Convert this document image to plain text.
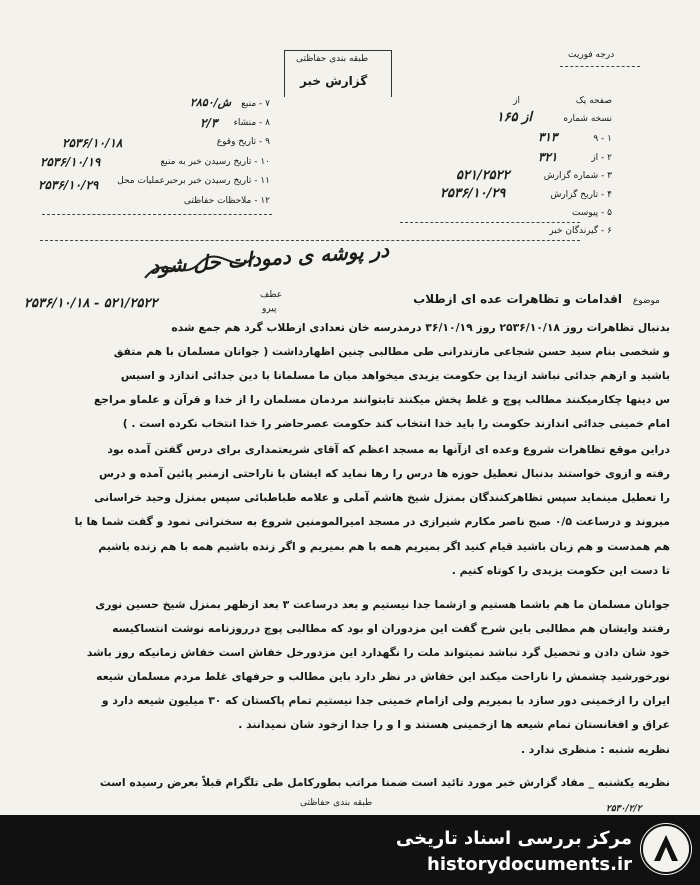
طبقه بندی حفاظتی
گزارش خبر
درجه فوریت
۷ - منبع
۲۸۵۰/ش
۸ - منشاء
۲/۳
۹ - تاریخ وقوع
۲۵۳۶/۱۰/۱۸
۱۰ - تاریخ رسیدن خبر به منبع
۲۵۳۶/۱۰/۱۹
۱۱ - تاریخ رسیدن خبر برحبرعملیات محل
۲۵۳۶/۱۰/۲۹
۱۲ - ملاحظات حفاظتی
صفحه یک
از
نسخه شماره
از ۱۶۵
۱ - ۹
۳۱۳
۲ - از
۳۲۱
۳ - شماره گزارش
۵۲۱/۲۵۲۲
۴ - تاریخ گزارش
۲۵۳۶/۱۰/۲۹
۵ - پیوست
۶ - گیرندگان خبر
در پوشه ی دمودات حل شود
موضوع
اقدامات و تظاهرات عده ای ازطلاب
عطف
پیرو
۲۵۳۶/۱۰/۱۸ - ۵۲۱/۲۵۲۲
بدنبال تظاهرات روز ۲۵۳۶/۱۰/۱۸ روز ۳۶/۱۰/۱۹ درمدرسه خان تعدادی ازطلاب گرد هم جمع شده
و شخصی بنام سید حسن شجاعی مازندرانی طی مطالبی چنین اظهارداشت ( جوانان مسلمان با هم متفق
باشید و ازهم جدائی نباشد ازیدا ین حکومت یزیدی میخواهد میان ما مسلمانا با دین جدائی اندازد و اسیس
س دینها چکارمیکنند مطالب پوچ و غلط پخش میکنند تابتوانند مردمان مسلمان را از خدا و قرآن و علماو مراجع
امام خمینی جدائی اندازند حکومت را باید خدا انتخاب کند حکومت عصرحاضر را خدا انتخاب نکرده است . )
دراین موقع تظاهرات شروع وعده ای ازآنها به مسجد اعظم که آقای شریعتمداری برای درس گفتن آمده بود
رفته و ازوی خواستند بدنبال تعطیل حوزه ها درس را رها نماید که ایشان با ناراحتی ازمنبر پائین آمده و درس
را تعطیل مینماید سپس تظاهرکنندگان بمنزل شیخ هاشم آملی و علامه طباطبائی سپس بمنزل وحید خراسانی
میروند و درساعت ۰/۵ صبح ناصر مکارم شیرازی در مسجد امیرالمومنین شروع به سخنرانی نمود و گفت شما ها با
هم همدست و هم زبان باشید قیام کنید اگر بمیریم همه با هم بمیریم و اگر زنده باشیم همه با هم زنده باشیم
تا دست این حکومت یزیدی را کوتاه کنیم .
جوانان مسلمان ما هم باشما هستیم و ازشما جدا نیستیم و بعد درساعت ۳ بعد ازظهر بمنزل شیخ حسین نوری
رفتند وایشان هم مطالبی باین شرح گفت این مزدوران او بود که مطالبی پوچ درروزنامه نوشت انتساکیسه
خود شان دادن و تحصیل گرد نباشد نمیتواند ملت را نگهدارد این مزدورخل خفاش است خفاش زمانیکه روز باشد
نورخورشید چشمش را ناراحت میکند این خفاش در نظر دارد باین مطالب و حرفهای غلط مردم مسلمان شیعه
ایران را ازخمینی دور سازد با بمیریم ولی ازامام خمینی جدا نیستیم تمام پاکستان که ۳۰ میلیون شیعه دارد و
عراق و افغانستان تمام شیعه ها ازخمینی هستند و ا و را جدا ازخود شان نمیدانند .
نظریه شنبه : منظری ندارد .
نظریه یکشنبه _ مفاد گزارش خبر مورد تائید است ضمنا مراتب بطورکامل طی تلگرام قبلاً بعرض رسیده است
طبقه بندی حفاظتی
۲۵۳۰/۲/۲
مرکز بررسی اسناد تاریخی
historydocuments.ir
